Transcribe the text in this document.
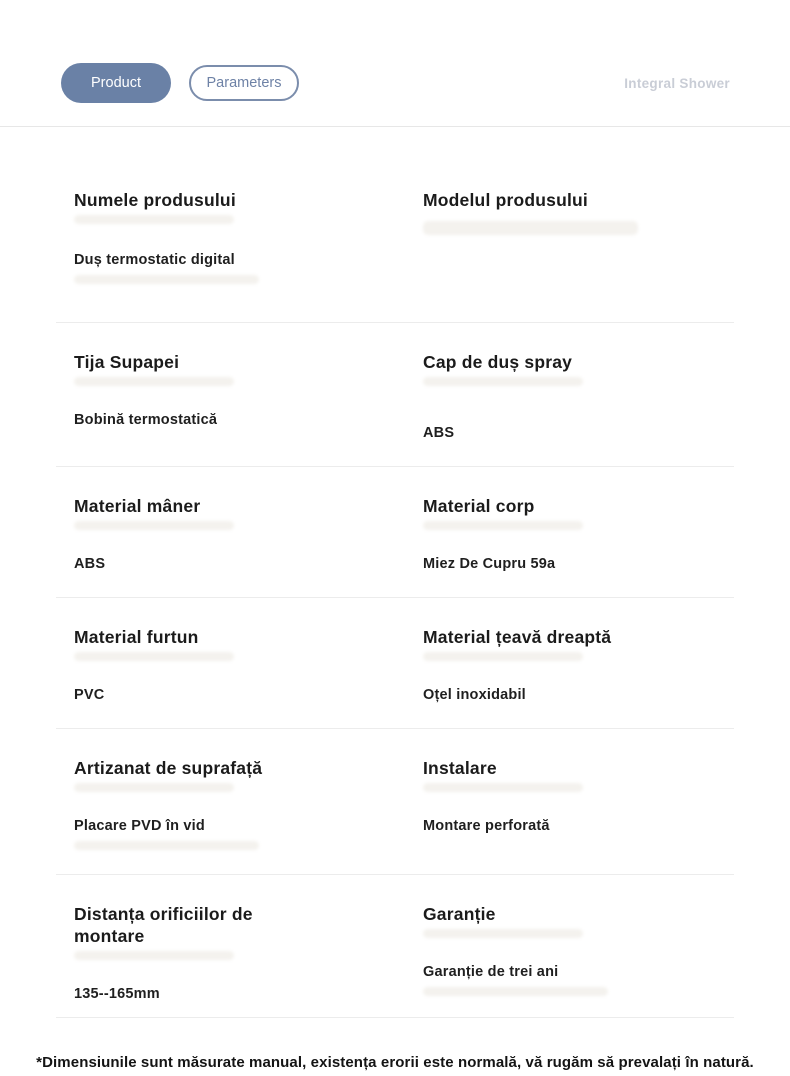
Product	Parameters	Integral Shower
Numele produsului
Duș termostatic digital
Modelul produsului
Tija Supapei
Bobină termostatică
Cap de duș spray
ABS
Material mâner
ABS
Material corp
Miez De Cupru 59a
Material furtun
PVC
Material țeavă dreaptă
Oțel inoxidabil
Artizanat de suprafață
Placare PVD în vid
Instalare
Montare perforată
Distanța orificiilor de montare
135--165mm
Garanție
Garanție de trei ani
*Dimensiunile sunt măsurate manual, existența erorii este normală, vă rugăm să prevalați în natură.
